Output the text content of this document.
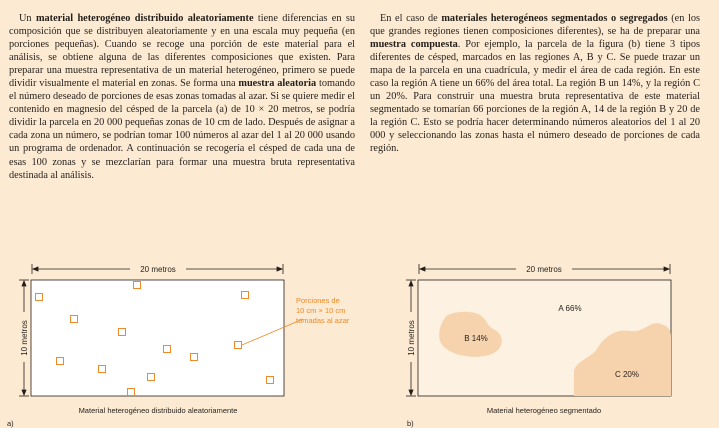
Un material heterogéneo distribuido aleatoriamente tiene diferencias en su composición que se distribuyen aleatoriamente y en una escala muy pequeña (en porciones pequeñas). Cuando se recoge una porción de este material para el análisis, se obtiene alguna de las diferentes composiciones que existen. Para preparar una muestra representativa de un material heterogéneo, primero se puede dividir visualmente el material en zonas. Se forma una muestra aleatoria tomando el número deseado de porciones de esas zonas tomadas al azar. Si se quiere medir el contenido en magnesio del césped de la parcela (a) de 10 × 20 metros, se podría dividir la parcela en 20 000 pequeñas zonas de 10 cm de lado. Después de asignar a cada zona un número, se podrían tomar 100 números al azar del 1 al 20 000 usando un programa de ordenador. A continuación se recogería el césped de cada una de esas 100 zonas y se mezclarían para formar una muestra bruta representativa destinada al análisis.

En el caso de materiales heterogéneos segmentados o segregados (en los que grandes regiones tienen composiciones diferentes), se ha de preparar una muestra compuesta. Por ejemplo, la parcela de la figura (b) tiene 3 tipos diferentes de césped, marcados en las regiones A, B y C. Se puede trazar un mapa de la parcela en una cuadrícula, y medir el área de cada región. En este caso la región A tiene un 66% del área total. La región B un 14%, y la región C un 20%. Para construir una muestra bruta representativa de este material segmentado se tomarían 66 porciones de la región A, 14 de la región B y 20 de la región C. Esto se podría hacer determinando números aleatorios del 1 al 20 000 y seleccionando las zonas hasta el número deseado de porciones de cada región.

20 metros
10 metros
Porciones de
10 cm × 10 cm
tomadas al azar
Material heterogéneo distribuido aleatoriamente
a)
20 metros
10 metros
A 66%
B 14%
C 20%
Material heterogéneo segmentado
b)
